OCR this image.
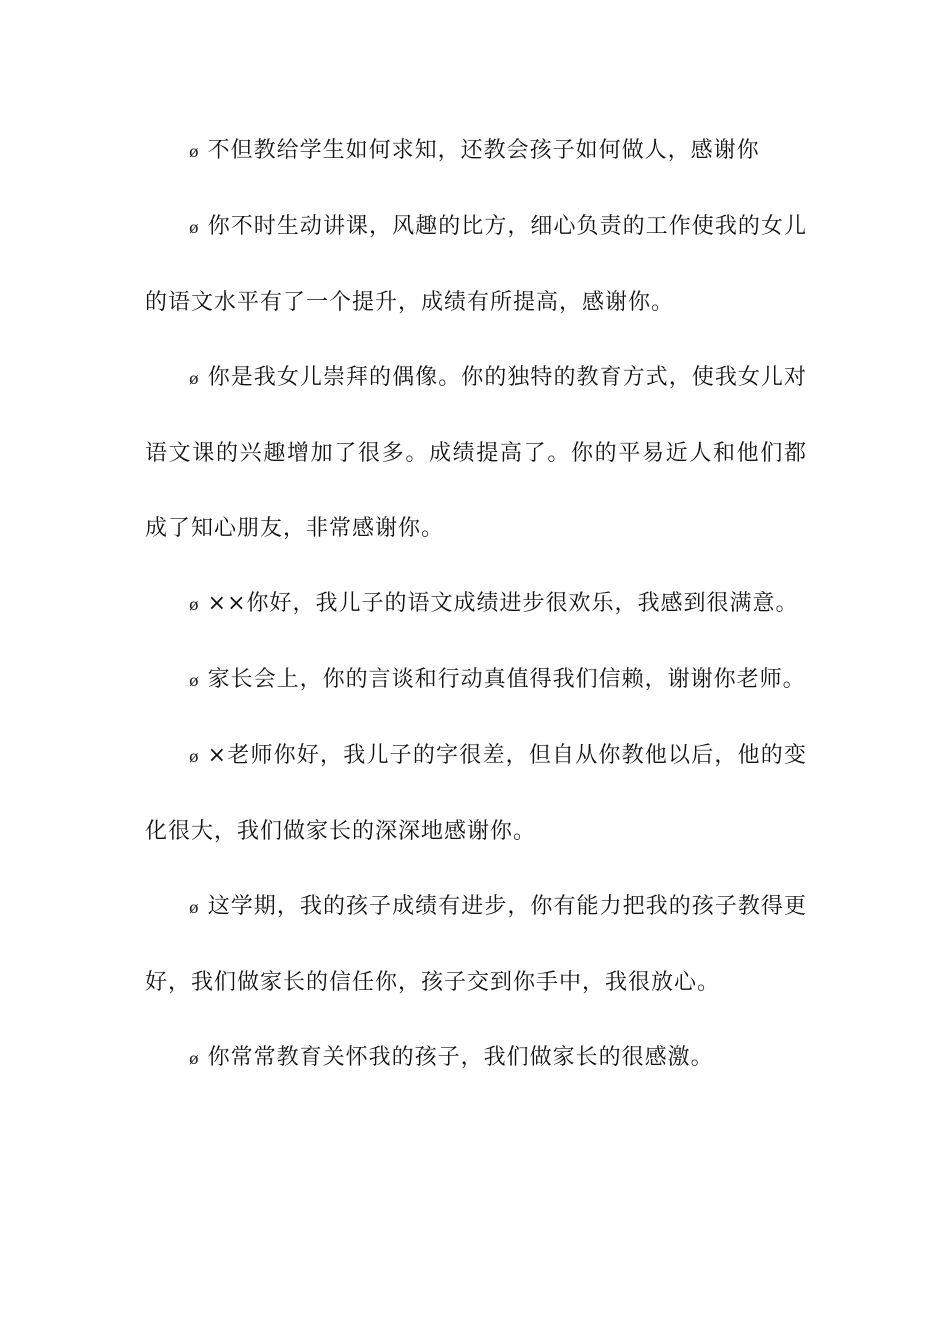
ø 不但教给学生如何求知，还教会孩子如何做人，感谢你

ø 你不时生动讲课，风趣的比方，细心负责的工作使我的女儿的语文水平有了一个提升，成绩有所提高，感谢你。

ø 你是我女儿崇拜的偶像。你的独特的教育方式，使我女儿对语文课的兴趣增加了很多。成绩提高了。你的平易近人和他们都成了知心朋友，非常感谢你。

ø ××你好，我儿子的语文成绩进步很欢乐，我感到很满意。

ø 家长会上，你的言谈和行动真值得我们信赖，谢谢你老师。

ø ×老师你好，我儿子的字很差，但自从你教他以后，他的变化很大，我们做家长的深深地感谢你。

ø 这学期，我的孩子成绩有进步，你有能力把我的孩子教得更好，我们做家长的信任你，孩子交到你手中，我很放心。

ø 你常常教育关怀我的孩子，我们做家长的很感激。
